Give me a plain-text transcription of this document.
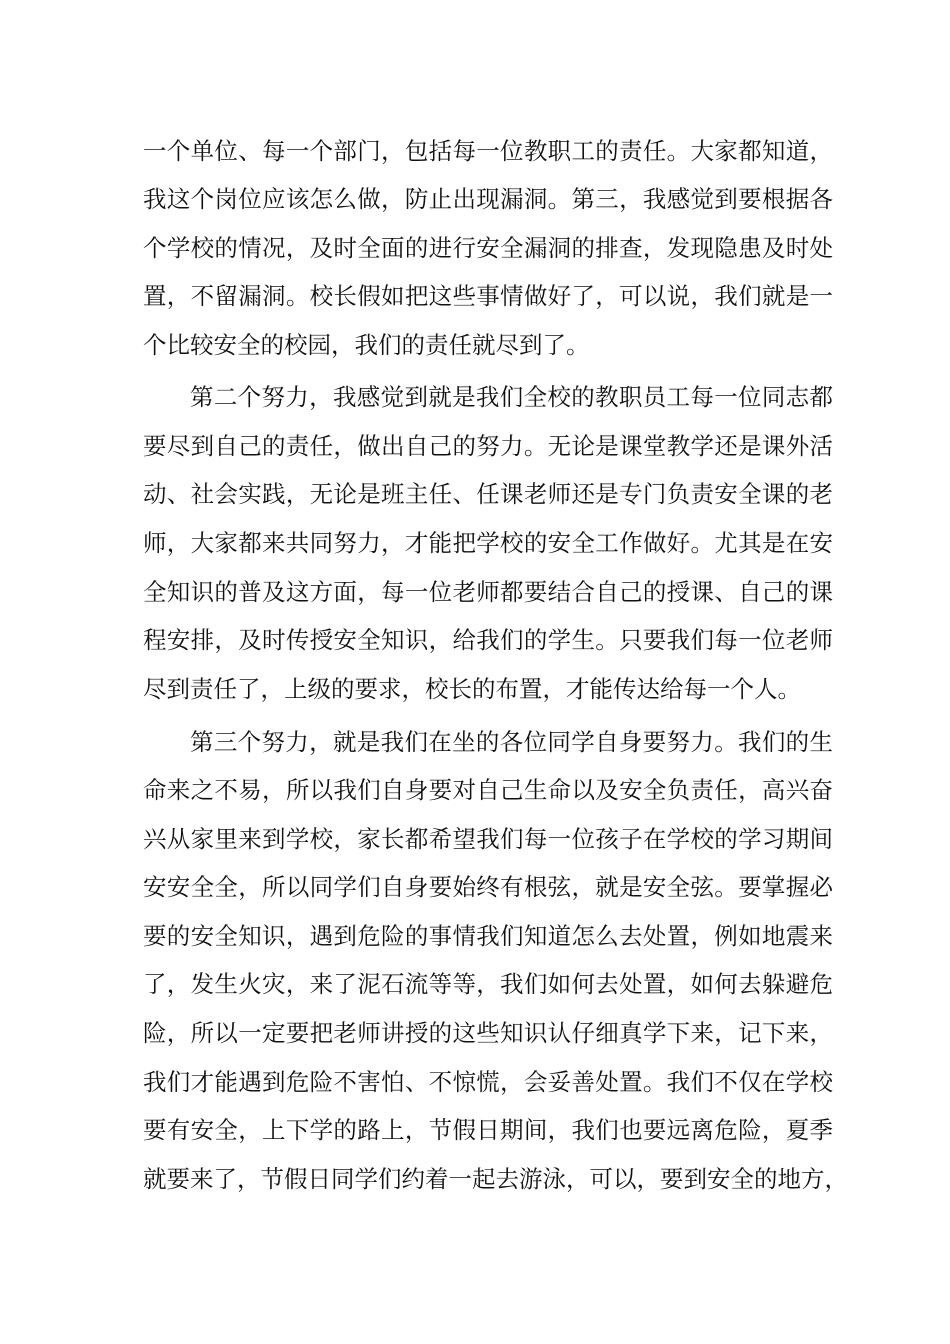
一个单位、每一个部门，包括每一位教职工的责任。大家都知道，
我这个岗位应该怎么做，防止出现漏洞。第三，我感觉到要根据各
个学校的情况，及时全面的进行安全漏洞的排查，发现隐患及时处
置，不留漏洞。校长假如把这些事情做好了，可以说，我们就是一
个比较安全的校园，我们的责任就尽到了。
第二个努力，我感觉到就是我们全校的教职员工每一位同志都
要尽到自己的责任，做出自己的努力。无论是课堂教学还是课外活
动、社会实践，无论是班主任、任课老师还是专门负责安全课的老
师，大家都来共同努力，才能把学校的安全工作做好。尤其是在安
全知识的普及这方面，每一位老师都要结合自己的授课、自己的课
程安排，及时传授安全知识，给我们的学生。只要我们每一位老师
尽到责任了，上级的要求，校长的布置，才能传达给每一个人。
第三个努力，就是我们在坐的各位同学自身要努力。我们的生
命来之不易，所以我们自身要对自己生命以及安全负责任，高兴奋
兴从家里来到学校，家长都希望我们每一位孩子在学校的学习期间
安安全全，所以同学们自身要始终有根弦，就是安全弦。要掌握必
要的安全知识，遇到危险的事情我们知道怎么去处置，例如地震来
了，发生火灾，来了泥石流等等，我们如何去处置，如何去躲避危
险，所以一定要把老师讲授的这些知识认仔细真学下来，记下来，
我们才能遇到危险不害怕、不惊慌，会妥善处置。我们不仅在学校
要有安全，上下学的路上，节假日期间，我们也要远离危险，夏季
就要来了，节假日同学们约着一起去游泳，可以，要到安全的地方，
